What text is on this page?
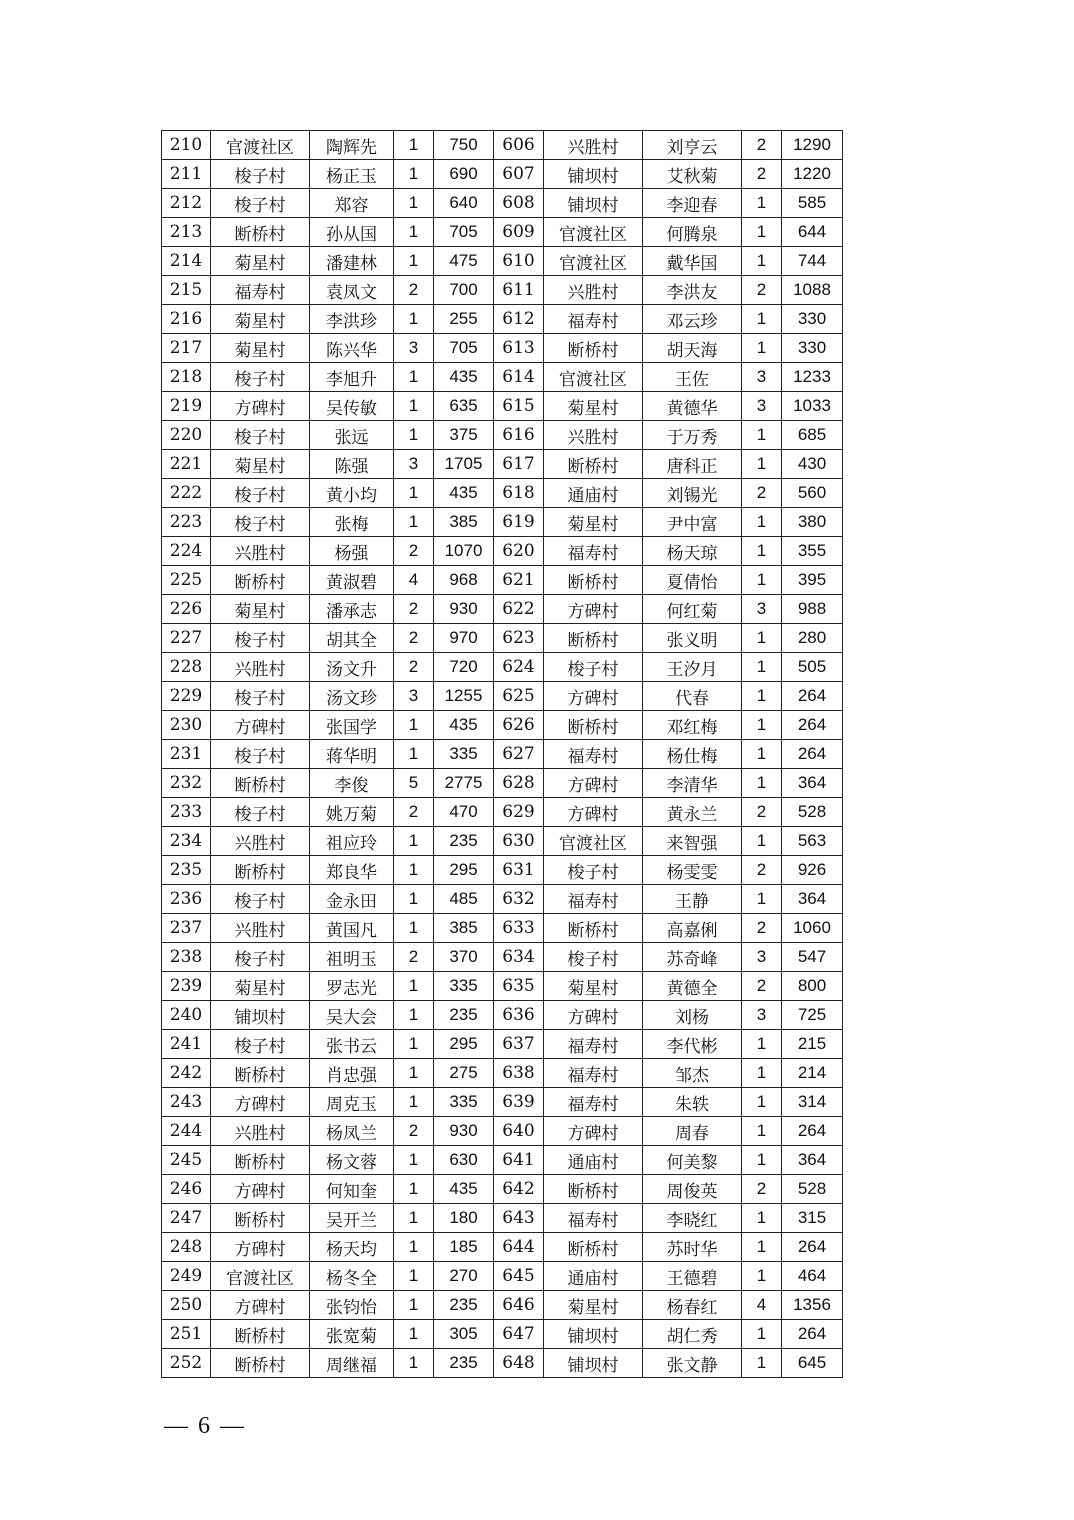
210	官渡社区	陶辉先	1	750	606	兴胜村	刘亨云	2	1290
211	梭子村	杨正玉	1	690	607	铺坝村	艾秋菊	2	1220
212	梭子村	郑容	1	640	608	铺坝村	李迎春	1	585
213	断桥村	孙从国	1	705	609	官渡社区	何腾泉	1	644
214	菊星村	潘建林	1	475	610	官渡社区	戴华国	1	744
215	福寿村	袁凤文	2	700	611	兴胜村	李洪友	2	1088
216	菊星村	李洪珍	1	255	612	福寿村	邓云珍	1	330
217	菊星村	陈兴华	3	705	613	断桥村	胡天海	1	330
218	梭子村	李旭升	1	435	614	官渡社区	王佐	3	1233
219	方碑村	吴传敏	1	635	615	菊星村	黄德华	3	1033
220	梭子村	张远	1	375	616	兴胜村	于万秀	1	685
221	菊星村	陈强	3	1705	617	断桥村	唐科正	1	430
222	梭子村	黄小均	1	435	618	通庙村	刘锡光	2	560
223	梭子村	张梅	1	385	619	菊星村	尹中富	1	380
224	兴胜村	杨强	2	1070	620	福寿村	杨天琼	1	355
225	断桥村	黄淑碧	4	968	621	断桥村	夏倩怡	1	395
226	菊星村	潘承志	2	930	622	方碑村	何红菊	3	988
227	梭子村	胡其全	2	970	623	断桥村	张义明	1	280
228	兴胜村	汤文升	2	720	624	梭子村	王汐月	1	505
229	梭子村	汤文珍	3	1255	625	方碑村	代春	1	264
230	方碑村	张国学	1	435	626	断桥村	邓红梅	1	264
231	梭子村	蒋华明	1	335	627	福寿村	杨仕梅	1	264
232	断桥村	李俊	5	2775	628	方碑村	李清华	1	364
233	梭子村	姚万菊	2	470	629	方碑村	黄永兰	2	528
234	兴胜村	祖应玲	1	235	630	官渡社区	来智强	1	563
235	断桥村	郑良华	1	295	631	梭子村	杨雯雯	2	926
236	梭子村	金永田	1	485	632	福寿村	王静	1	364
237	兴胜村	黄国凡	1	385	633	断桥村	高嘉俐	2	1060
238	梭子村	祖明玉	2	370	634	梭子村	苏奇峰	3	547
239	菊星村	罗志光	1	335	635	菊星村	黄德全	2	800
240	铺坝村	吴大会	1	235	636	方碑村	刘杨	3	725
241	梭子村	张书云	1	295	637	福寿村	李代彬	1	215
242	断桥村	肖忠强	1	275	638	福寿村	邹杰	1	214
243	方碑村	周克玉	1	335	639	福寿村	朱轶	1	314
244	兴胜村	杨凤兰	2	930	640	方碑村	周春	1	264
245	断桥村	杨文蓉	1	630	641	通庙村	何美黎	1	364
246	方碑村	何知奎	1	435	642	断桥村	周俊英	2	528
247	断桥村	吴开兰	1	180	643	福寿村	李晓红	1	315
248	方碑村	杨天均	1	185	644	断桥村	苏时华	1	264
249	官渡社区	杨冬全	1	270	645	通庙村	王德碧	1	464
250	方碑村	张钧怡	1	235	646	菊星村	杨春红	4	1356
251	断桥村	张宽菊	1	305	647	铺坝村	胡仁秀	1	264
252	断桥村	周继福	1	235	648	铺坝村	张文静	1	645
— 6 —
